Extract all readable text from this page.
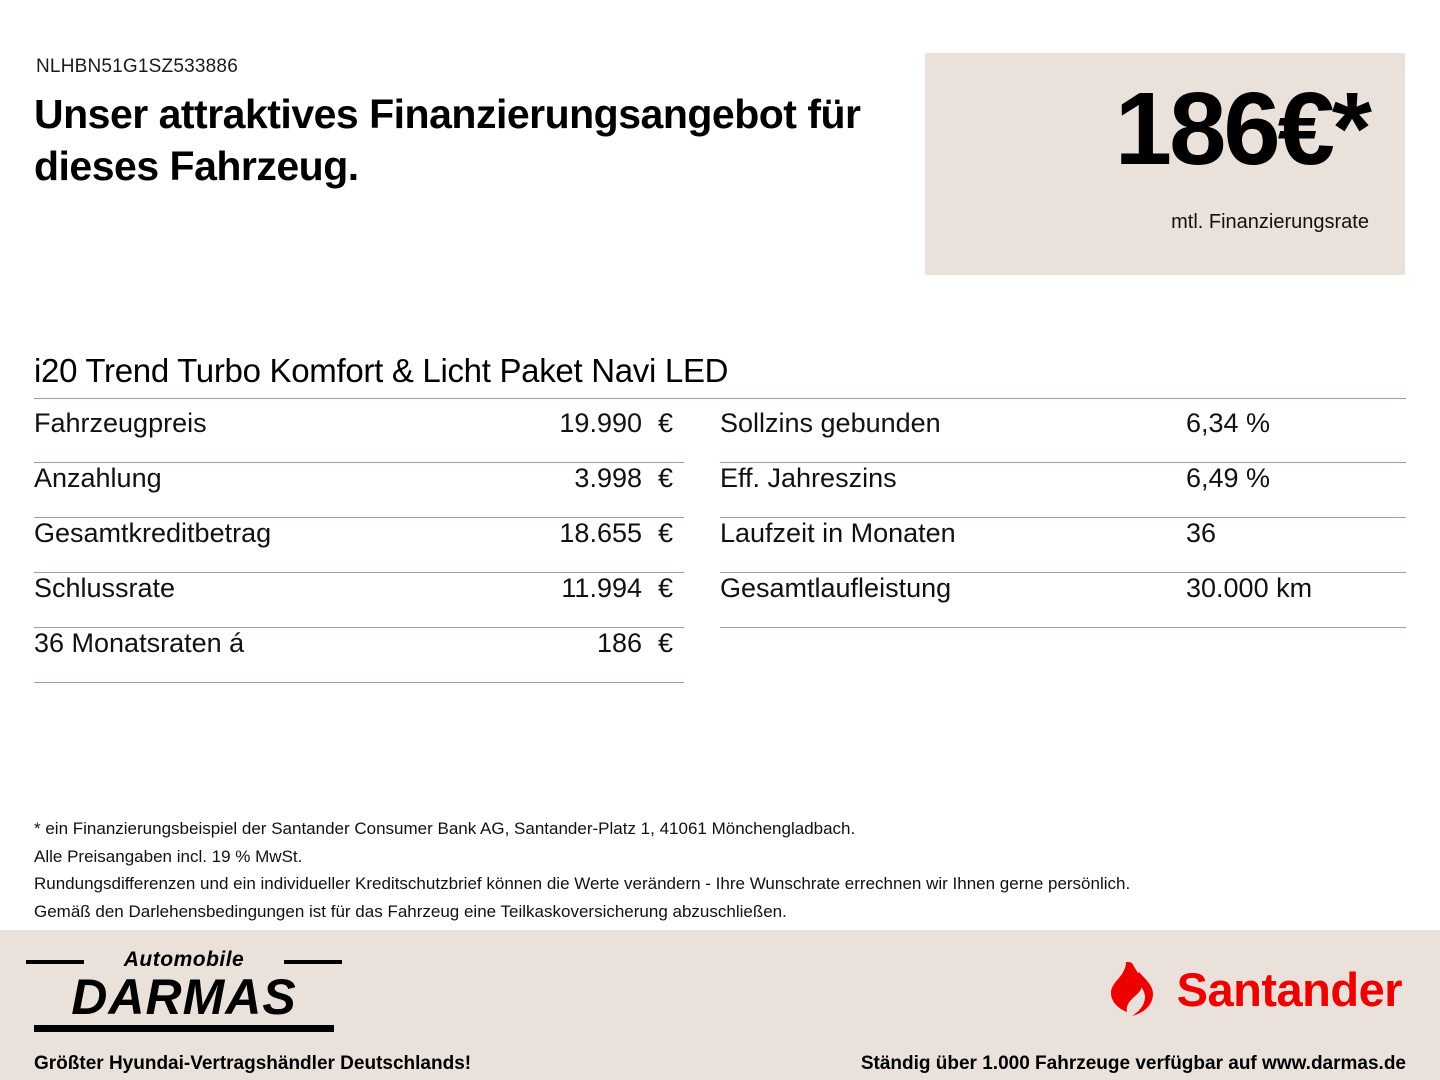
NLHBN51G1SZ533886
Unser attraktives Finanzierungsangebot für dieses Fahrzeug.	186€*
mtl. Finanzierungsrate
i20 Trend Turbo Komfort & Licht Paket Navi LED
Fahrzeugpreis	19.990 €
Anzahlung	3.998 €
Gesamtkreditbetrag	18.655 €
Schlussrate	11.994 €
36 Monatsraten á	186 €
Sollzins gebunden	6,34 %
Eff. Jahreszins	6,49 %
Laufzeit in Monaten	36
Gesamtlaufleistung	30.000 km
* ein Finanzierungsbeispiel der Santander Consumer Bank AG, Santander-Platz 1, 41061 Mönchengladbach.
Alle Preisangaben incl. 19 % MwSt.
Rundungsdifferenzen und ein individueller Kreditschutzbrief können die Werte verändern - Ihre Wunschrate errechnen wir Ihnen gerne persönlich.
Gemäß den Darlehensbedingungen ist für das Fahrzeug eine Teilkaskoversicherung abzuschließen.
Automobile
DARMAS
Größter Hyundai-Vertragshändler Deutschlands!
Santander
Ständig über 1.000 Fahrzeuge verfügbar auf www.darmas.de
